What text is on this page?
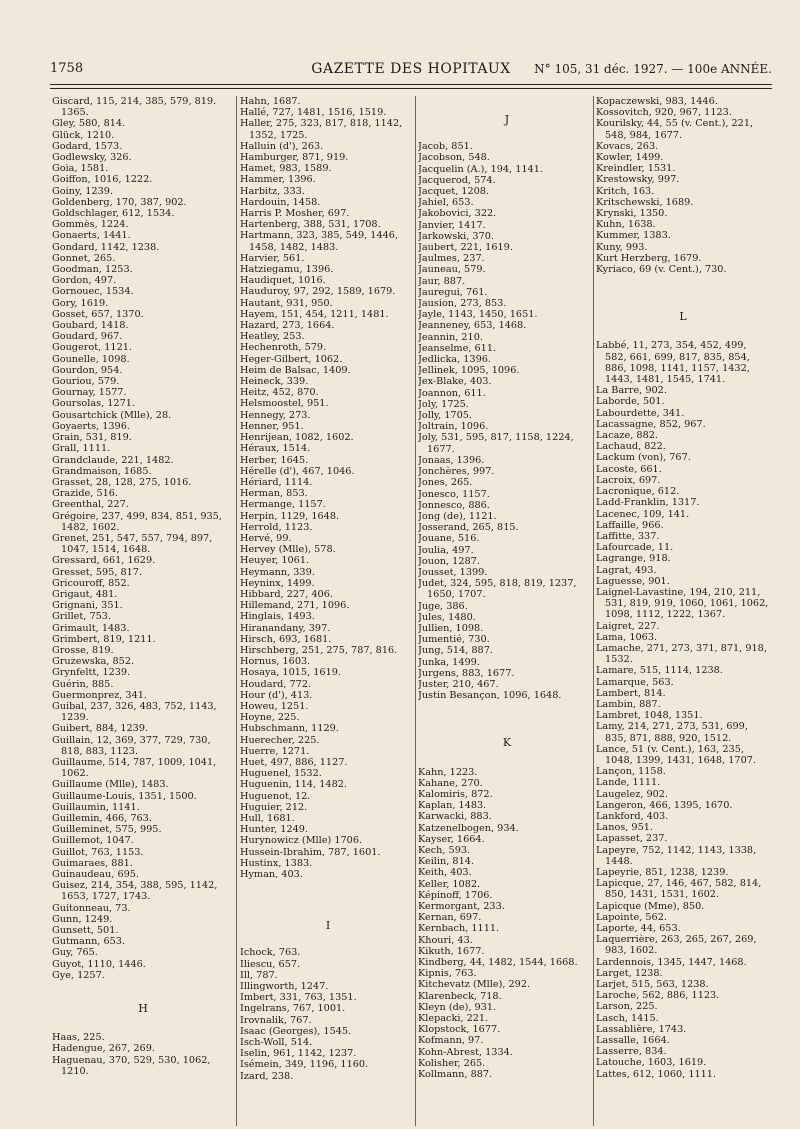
1758	GAZETTE DES HOPITAUX	N° 105, 31 déc. 1927. — 100e ANNÉE.
Giscard, 115, 214, 385, 579, 819. 1365.
Gley, 580, 814.
Glück, 1210.
Godard, 1573.
Godlewsky, 326.
Goia, 1581.
Goiffon, 1016, 1222.
Goiny, 1239.
Goldenberg, 170, 387, 902.
Goldschlager, 612, 1534.
Gommès, 1224.
Gonaerts, 1441.
Gondard, 1142, 1238.
Gonnet, 265.
Goodman, 1253.
Gordon, 497.
Gornouec, 1534.
Gory, 1619.
Gosset, 657, 1370.
Goubard, 1418.
Goudard, 967.
Gougerot, 1121.
Gounelle, 1098.
Gourdon, 954.
Gouriou, 579.
Gournay, 1577.
Goursolas, 1271.
Gousartchick (Mlle), 28.
Goyaerts, 1396.
Grain, 531, 819.
Grall, 1111.
Grandclaude, 221, 1482.
Grandmaison, 1685.
Grasset, 28, 128, 275, 1016.
Grazide, 516.
Greenthal, 227.
Grégoire, 237, 499, 834, 851, 935, 1482, 1602.
Grenet, 251, 547, 557, 794, 897, 1047, 1514, 1648.
Gressard, 661, 1629.
Gresset, 595, 817.
Gricouroff, 852.
Grigaut, 481.
Grignani, 351.
Grillet, 753.
Grimault, 1483.
Grimbert, 819, 1211.
Grosse, 819.
Gruzewska, 852.
Grynfeltt, 1239.
Guérin, 885.
Guermonprez, 341.
Guibal, 237, 326, 483, 752, 1143, 1239.
Guibert, 884, 1239.
Guillain, 12, 369, 377, 729, 730, 818, 883, 1123.
Guillaume, 514, 787, 1009, 1041, 1062.
Guillaume (Mlle), 1483.
Guillaume-Louis, 1351, 1500.
Guillaumin, 1141.
Guillemin, 466, 763.
Guilleminet, 575, 995.
Guillemot, 1047.
Guillot, 763, 1153.
Guimaraes, 881.
Guinaudeau, 695.
Guisez, 214, 354, 388, 595, 1142, 1653, 1727, 1743.
Guitonneau, 73.
Gunn, 1249.
Gunsett, 501.
Gutmann, 653.
Guy, 765.
Guyot, 1110, 1446.
Gye, 1257.
H
Haas, 225.
Hadengue, 267, 269.
Haguenau, 370, 529, 530, 1062, 1210.
Hahn, 1687.
Hallé, 727, 1481, 1516, 1519.
Haller, 275, 323, 817, 818, 1142, 1352, 1725.
Halluin (d'), 263.
Hamburger, 871, 919.
Hamet, 983, 1589.
Hammer, 1396.
Harbitz, 333.
Hardouin, 1458.
Harris P. Mosher, 697.
Hartenberg, 388, 531, 1708.
Hartmann, 323, 385, 549, 1446, 1458, 1482, 1483.
Harvier, 561.
Hatziegamu, 1396.
Haudiquet, 1016.
Hauduroy, 97, 292, 1589, 1679.
Hautant, 931, 950.
Hayem, 151, 454, 1211, 1481.
Hazard, 273, 1664.
Heatley, 253.
Hechenroth, 579.
Heger-Gilbert, 1062.
Heim de Balsac, 1409.
Heineck, 339.
Heitz, 452, 870.
Helsmoostel, 951.
Hennegy, 273.
Henner, 951.
Henrijean, 1082, 1602.
Héraux, 1514.
Herber, 1645.
Hérelle (d'), 467, 1046.
Hériard, 1114.
Herman, 853.
Hermange, 1157.
Herpin, 1129, 1648.
Herrold, 1123.
Hervé, 99.
Hervey (Mlle), 578.
Heuyer, 1061.
Heymann, 339.
Heyninx, 1499.
Hibbard, 227, 406.
Hillemand, 271, 1096.
Hinglais, 1493.
Hiranandany, 397.
Hirsch, 693, 1681.
Hirschberg, 251, 275, 787, 816.
Hornus, 1603.
Hosaya, 1015, 1619.
Houdard, 772.
Hour (d'), 413.
Howeu, 1251.
Hoyne, 225.
Hubschmann, 1129.
Huerecher, 225.
Huerre, 1271.
Huet, 497, 886, 1127.
Huguenel, 1532.
Huguenin, 114, 1482.
Huguenot, 12.
Huguier, 212.
Hull, 1681.
Hunter, 1249.
Hurynowicz (Mlle) 1706.
Hussein-Ibrahim, 787, 1601.
Hustinx, 1383.
Hyman, 403.
I
Ichock, 763.
Iliescu, 657.
Ill, 787.
Illingworth, 1247.
Imbert, 331, 763, 1351.
Ingelrans, 767, 1001.
Irovnalik, 767.
Isaac (Georges), 1545.
Isch-Woll, 514.
Iselin, 961, 1142, 1237.
Isémein, 349, 1196, 1160.
Izard, 238.
J
Jacob, 851.
Jacobson, 548.
Jacquelin (A.), 194, 1141.
Jacquerod, 574.
Jacquet, 1208.
Jahiel, 653.
Jakobovici, 322.
Janvier, 1417.
Jarkowski, 370.
Jaubert, 221, 1619.
Jaulmes, 237.
Jauneau, 579.
Jaur, 887.
Jauregui, 761.
Jausion, 273, 853.
Jayle, 1143, 1450, 1651.
Jeanneney, 653, 1468.
Jeannin, 210.
Jeanselme, 611.
Jedlicka, 1396.
Jellinek, 1095, 1096.
Jex-Blake, 403.
Joannon, 611.
Joly, 1725.
Jolly, 1705.
Joltrain, 1096.
Joly, 531, 595, 817, 1158, 1224, 1677.
Jonaas, 1396.
Jonchères, 997.
Jones, 265.
Jonesco, 1157.
Jonnesco, 886.
Jong (de), 1121.
Josserand, 265, 815.
Jouane, 516.
Joulia, 497.
Jouon, 1287.
Jousset, 1399.
Judet, 324, 595, 818, 819, 1237, 1650, 1707.
Juge, 386.
Jules, 1480.
Jullien, 1098.
Jumentié, 730.
Jung, 514, 887.
Junka, 1499.
Jurgens, 883, 1677.
Juster, 210, 467.
Justin Besançon, 1096, 1648.
K
Kahn, 1223.
Kahane, 270.
Kalomiris, 872.
Kaplan, 1483.
Karwacki, 883.
Katzenelbogen, 934.
Kayser, 1664.
Kech, 593.
Keilin, 814.
Keith, 403.
Keller, 1082.
Képinoff, 1706.
Kermorgant, 233.
Kernan, 697.
Kernbach, 1111.
Khouri, 43.
Kikuth, 1677.
Kindberg, 44, 1482, 1544, 1668.
Kipnis, 763.
Kitchevatz (Mlle), 292.
Klarenbeck, 718.
Kleyn (de), 931.
Klepacki, 221.
Klopstock, 1677.
Kofmann, 97.
Kohn-Abrest, 1334.
Kolisher, 265.
Kollmann, 887.
Kopaczewski, 983, 1446.
Kossovitch, 920, 967, 1123.
Kourilsky, 44, 55 (v. Cent.), 221, 548, 984, 1677.
Kovacs, 263.
Kowler, 1499.
Kreindler, 1531.
Krestowsky, 997.
Kritch, 163.
Kritschewski, 1689.
Krynski, 1350.
Kuhn, 1638.
Kummer, 1383.
Kuny, 993.
Kurt Herzberg, 1679.
Kyriaco, 69 (v. Cent.), 730.
L
Labbé, 11, 273, 354, 452, 499, 582, 661, 699, 817, 835, 854, 886, 1098, 1141, 1157, 1432, 1443, 1481, 1545, 1741.
La Barre, 902.
Laborde, 501.
Labourdette, 341.
Lacassagne, 852, 967.
Lacaze, 882.
Lachaud, 822.
Lackum (von), 767.
Lacoste, 661.
Lacroix, 697.
Lacronique, 612.
Ladd-Franklin, 1317.
Lacenec, 109, 141.
Laffaille, 966.
Laffitte, 337.
Lafourcade, 11.
Lagrange, 918.
Lagrat, 493.
Laguesse, 901.
Laignel-Lavastine, 194, 210, 211, 531, 819, 919, 1060, 1061, 1062, 1098, 1112, 1222, 1367.
Laigret, 227.
Lama, 1063.
Lamache, 271, 273, 371, 871, 918, 1532.
Lamare, 515, 1114, 1238.
Lamarque, 563.
Lambert, 814.
Lambin, 887.
Lambret, 1048, 1351.
Lamy, 214, 271, 273, 531, 699, 835, 871, 888, 920, 1512.
Lance, 51 (v. Cent.), 163, 235, 1048, 1399, 1431, 1648, 1707.
Lançon, 1158.
Lande, 1111.
Laugelez, 902.
Langeron, 466, 1395, 1670.
Lankford, 403.
Lanos, 951.
Lapasset, 237.
Lapeyre, 752, 1142, 1143, 1338, 1448.
Lapeyrie, 851, 1238, 1239.
Lapicque, 27, 146, 467, 582, 814, 850, 1431, 1531, 1602.
Lapicque (Mme), 850.
Lapointe, 562.
Laporte, 44, 653.
Laquerrière, 263, 265, 267, 269, 983, 1602.
Lardennois, 1345, 1447, 1468.
Larget, 1238.
Larjet, 515, 563, 1238.
Laroche, 562, 886, 1123.
Larson, 225.
Lasch, 1415.
Lassablière, 1743.
Lassalle, 1664.
Lasserre, 834.
Latouche, 1603, 1619.
Lattes, 612, 1060, 1111.
